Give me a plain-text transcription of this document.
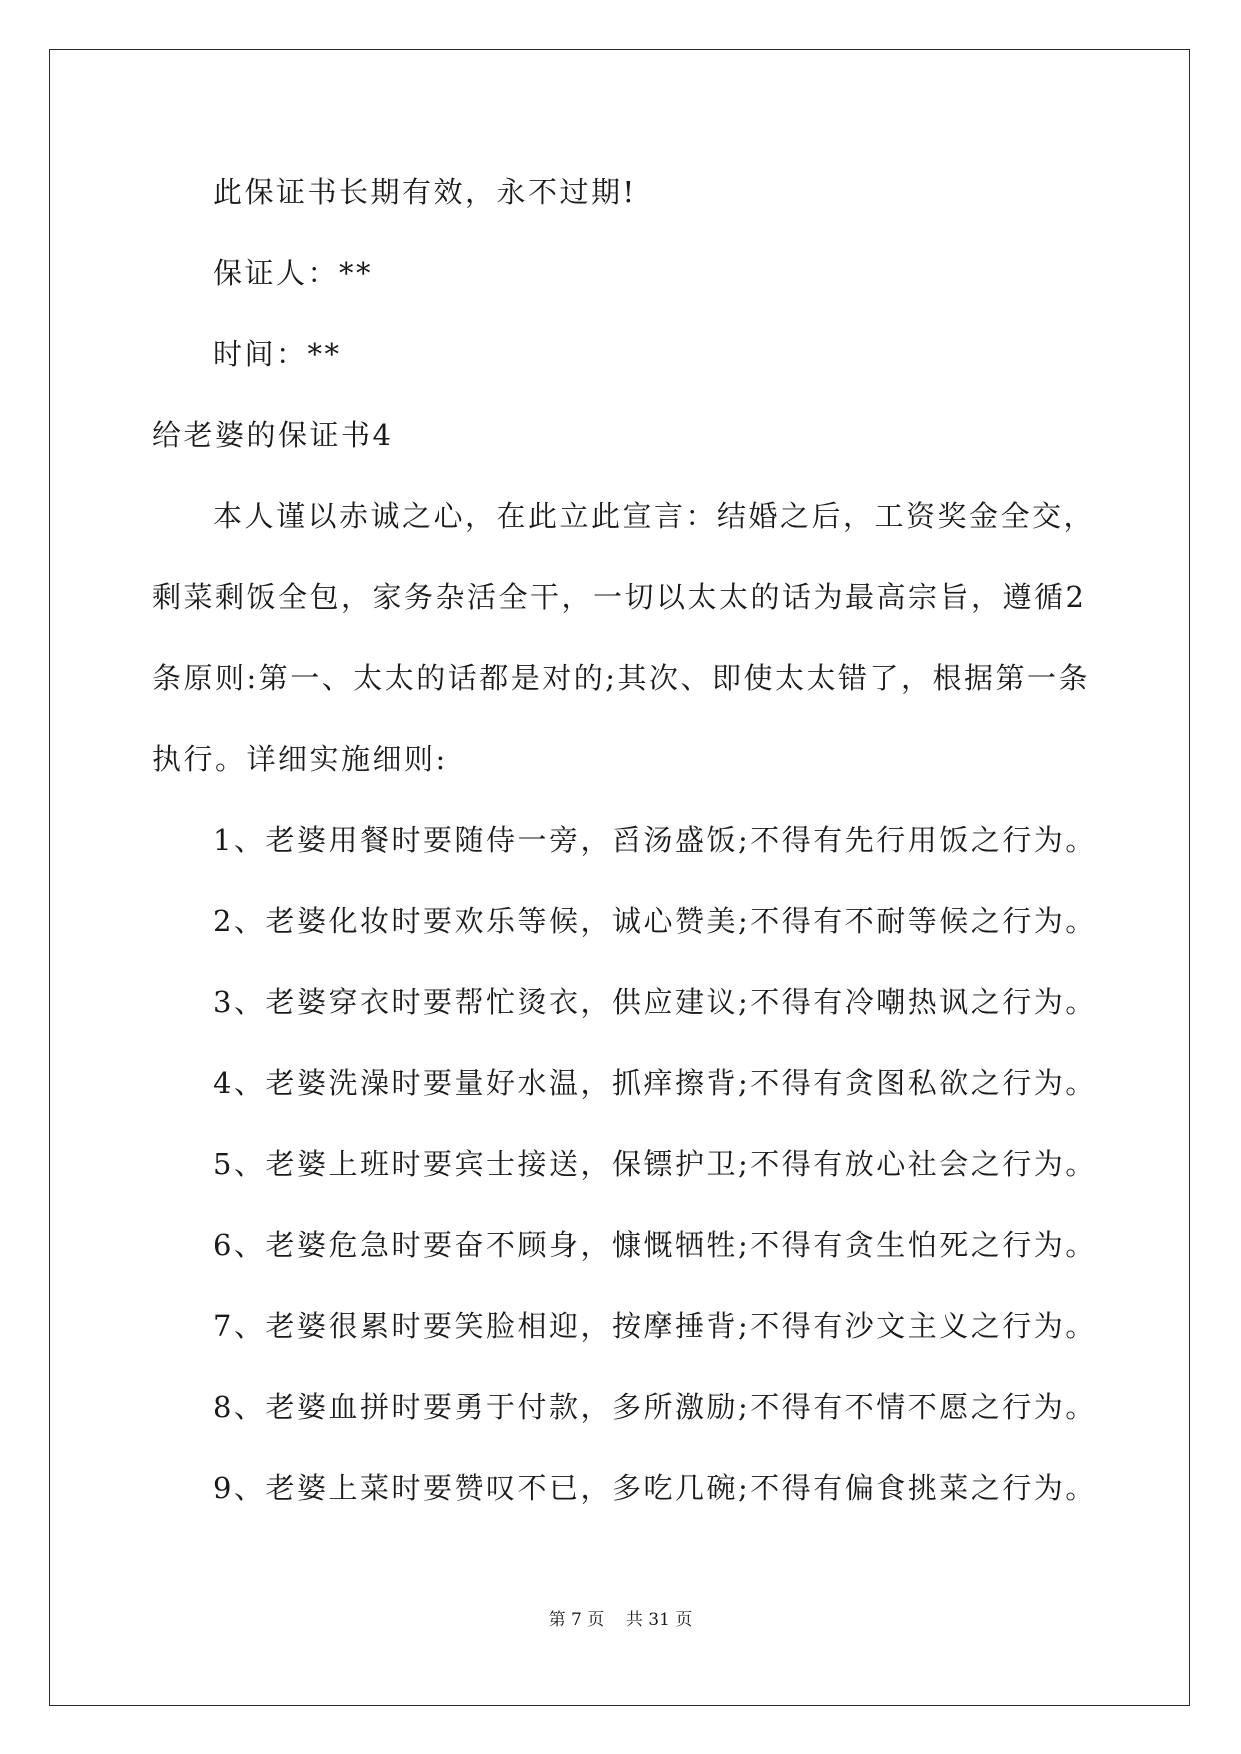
此保证书长期有效，永不过期!
保证人：**
时间：**
给老婆的保证书4
本人谨以赤诚之心，在此立此宣言：结婚之后，工资奖金全交，
剩菜剩饭全包，家务杂活全干，一切以太太的话为最高宗旨，遵循2
条原则:第一、太太的话都是对的;其次、即使太太错了，根据第一条
执行。详细实施细则:
1、老婆用餐时要随侍一旁，舀汤盛饭;不得有先行用饭之行为。
2、老婆化妆时要欢乐等候，诚心赞美;不得有不耐等候之行为。
3、老婆穿衣时要帮忙烫衣，供应建议;不得有冷嘲热讽之行为。
4、老婆洗澡时要量好水温，抓痒擦背;不得有贪图私欲之行为。
5、老婆上班时要宾士接送，保镖护卫;不得有放心社会之行为。
6、老婆危急时要奋不顾身，慷慨牺牲;不得有贪生怕死之行为。
7、老婆很累时要笑脸相迎，按摩捶背;不得有沙文主义之行为。
8、老婆血拼时要勇于付款，多所激励;不得有不情不愿之行为。
9、老婆上菜时要赞叹不已，多吃几碗;不得有偏食挑菜之行为。
第 7 页    共 31 页
